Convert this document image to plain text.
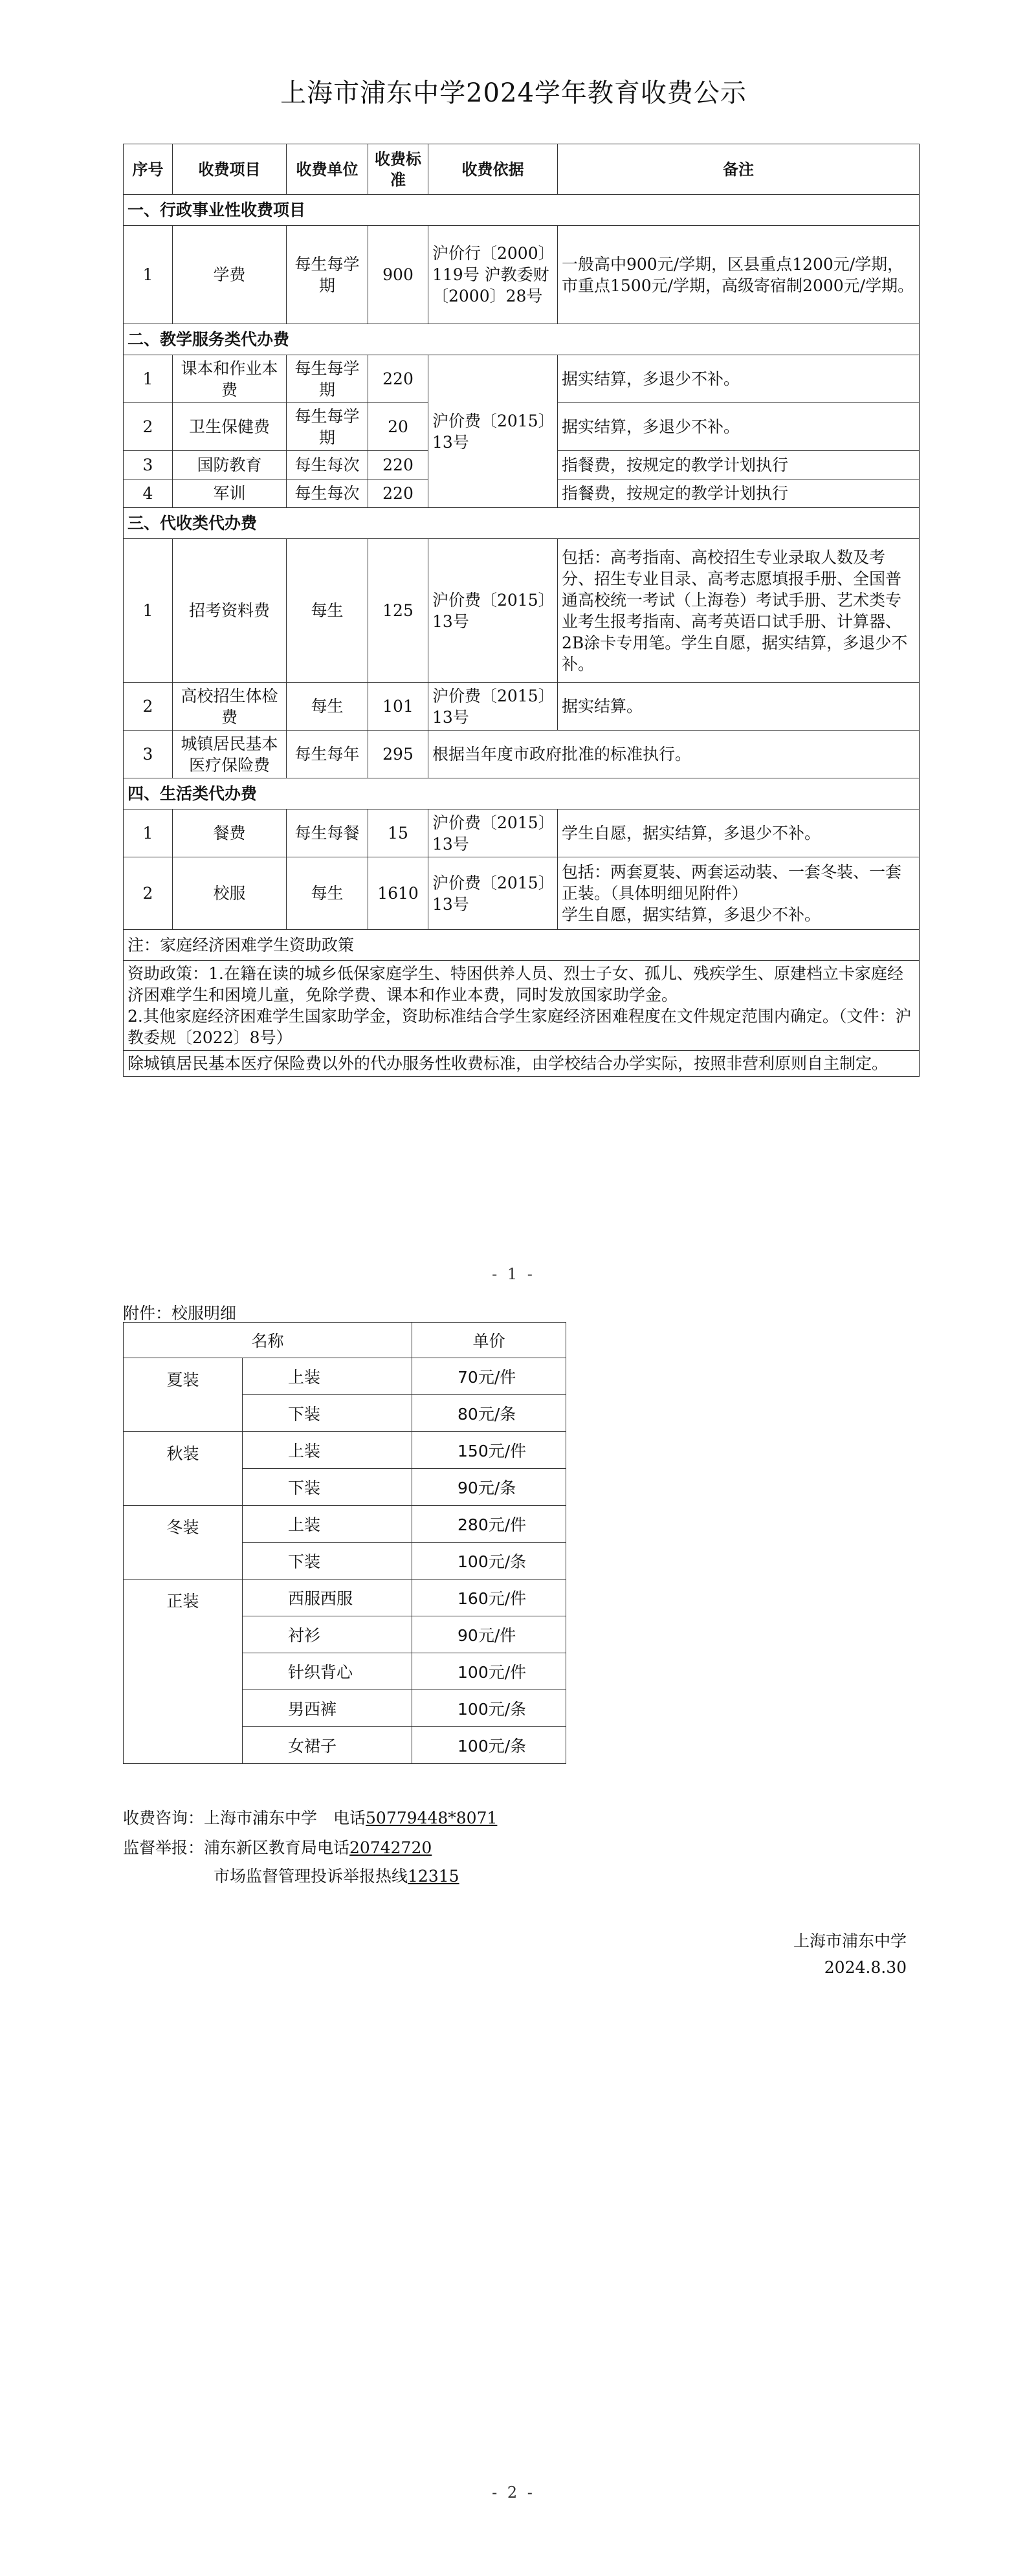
上海市浦东中学2024学年教育收费公示
序号	收费项目	收费单位	收费标准	收费依据	备注
一、行政事业性收费项目					
1	学费	每生每学期	900	沪价行〔2000〕119号 沪教委财〔2000〕28号	一般高中900元/学期，区县重点1200元/学期，市重点1500元/学期，高级寄宿制2000元/学期。
二、教学服务类代办费					
1	课本和作业本费	每生每学期	220	沪价费〔2015〕13号	据实结算，多退少不补。
2	卫生保健费	每生每学期	20		据实结算，多退少不补。
3	国防教育	每生每次	220		指餐费，按规定的教学计划执行
4	军训	每生每次	220		指餐费，按规定的教学计划执行
三、代收类代办费					
1	招考资料费	每生	125	沪价费〔2015〕13号	包括：高考指南、高校招生专业录取人数及考分、招生专业目录、高考志愿填报手册、全国普通高校统一考试（上海卷）考试手册、艺术类专业考生报考指南、高考英语口试手册、计算器、2B涂卡专用笔。学生自愿，据实结算，多退少不补。
2	高校招生体检费	每生	101	沪价费〔2015〕13号	据实结算。
3	城镇居民基本医疗保险费	每生每年	295	根据当年度市政府批准的标准执行。	
四、生活类代办费					
1	餐费	每生每餐	15	沪价费〔2015〕13号	学生自愿，据实结算，多退少不补。
2	校服	每生	1610	沪价费〔2015〕13号	包括：两套夏装、两套运动装、一套冬装、一套正装。（具体明细见附件）
学生自愿，据实结算，多退少不补。

注：家庭经济困难学生资助政策					

资助政策：1.在籍在读的城乡低保家庭学生、特困供养人员、烈士子女、孤儿、残疾学生、原建档立卡家庭经济困难学生和困境儿童，免除学费、课本和作业本费，同时发放国家助学金。
2.其他家庭经济困难学生国家助学金，资助标准结合学生家庭经济困难程度在文件规定范围内确定。（文件：沪教委规〔2022〕8号）					

除城镇居民基本医疗保险费以外的代办服务性收费标准，由学校结合办学实际，按照非营利原则自主制定。					
- 1 -
附件：校服明细
名称		单价
夏装	上装	70元/件
	下装	80元/条
秋装	上装	150元/件
	下装	90元/条
冬装	上装	280元/件
	下装	100元/条
正装	西服西服	160元/件
	衬衫	90元/件
	针织背心	100元/件
	男西裤	100元/条
	女裙子	100元/条
收费咨询：上海市浦东中学　电话50779448*8071
监督举报：浦东新区教育局电话20742720
市场监督管理投诉举报热线12315
上海市浦东中学
2024.8.30
- 2 -
